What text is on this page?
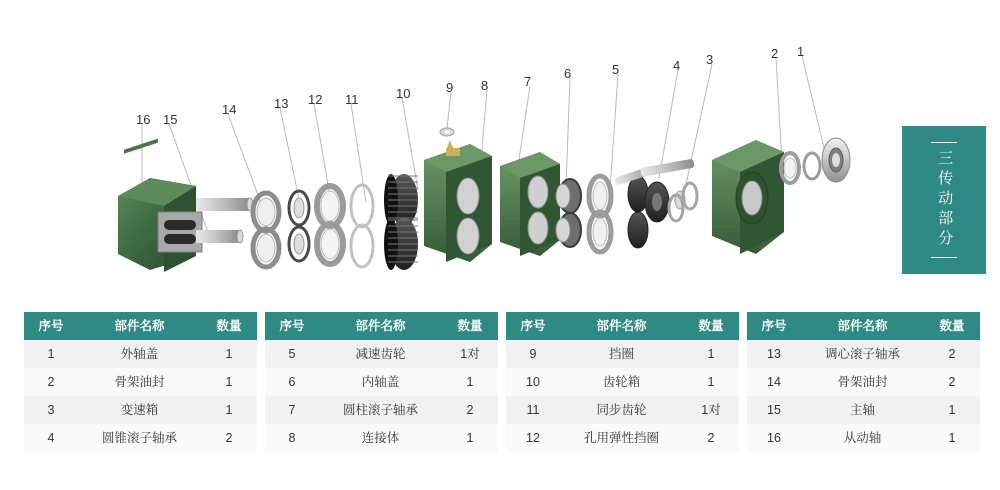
16 15
14	13 12 11	10	9 8	7
6	5	4 3	2 1
三传动部分
序号	部件名称	数量
1	外轴盖	1
2	骨架油封	1
3	变速箱	1
4	圆锥滚子轴承	2
序号	部件名称	数量
5	减速齿轮	1对
6	内轴盖	1
7	圆柱滚子轴承	2
8	连接体	1
序号	部件名称	数量
9	挡圈	1
10	齿轮箱	1
11	同步齿轮	1对
12	孔用弹性挡圈	2
序号	部件名称	数量
13	调心滚子轴承	2
14	骨架油封	2
15	主轴	1
16	从动轴	1
